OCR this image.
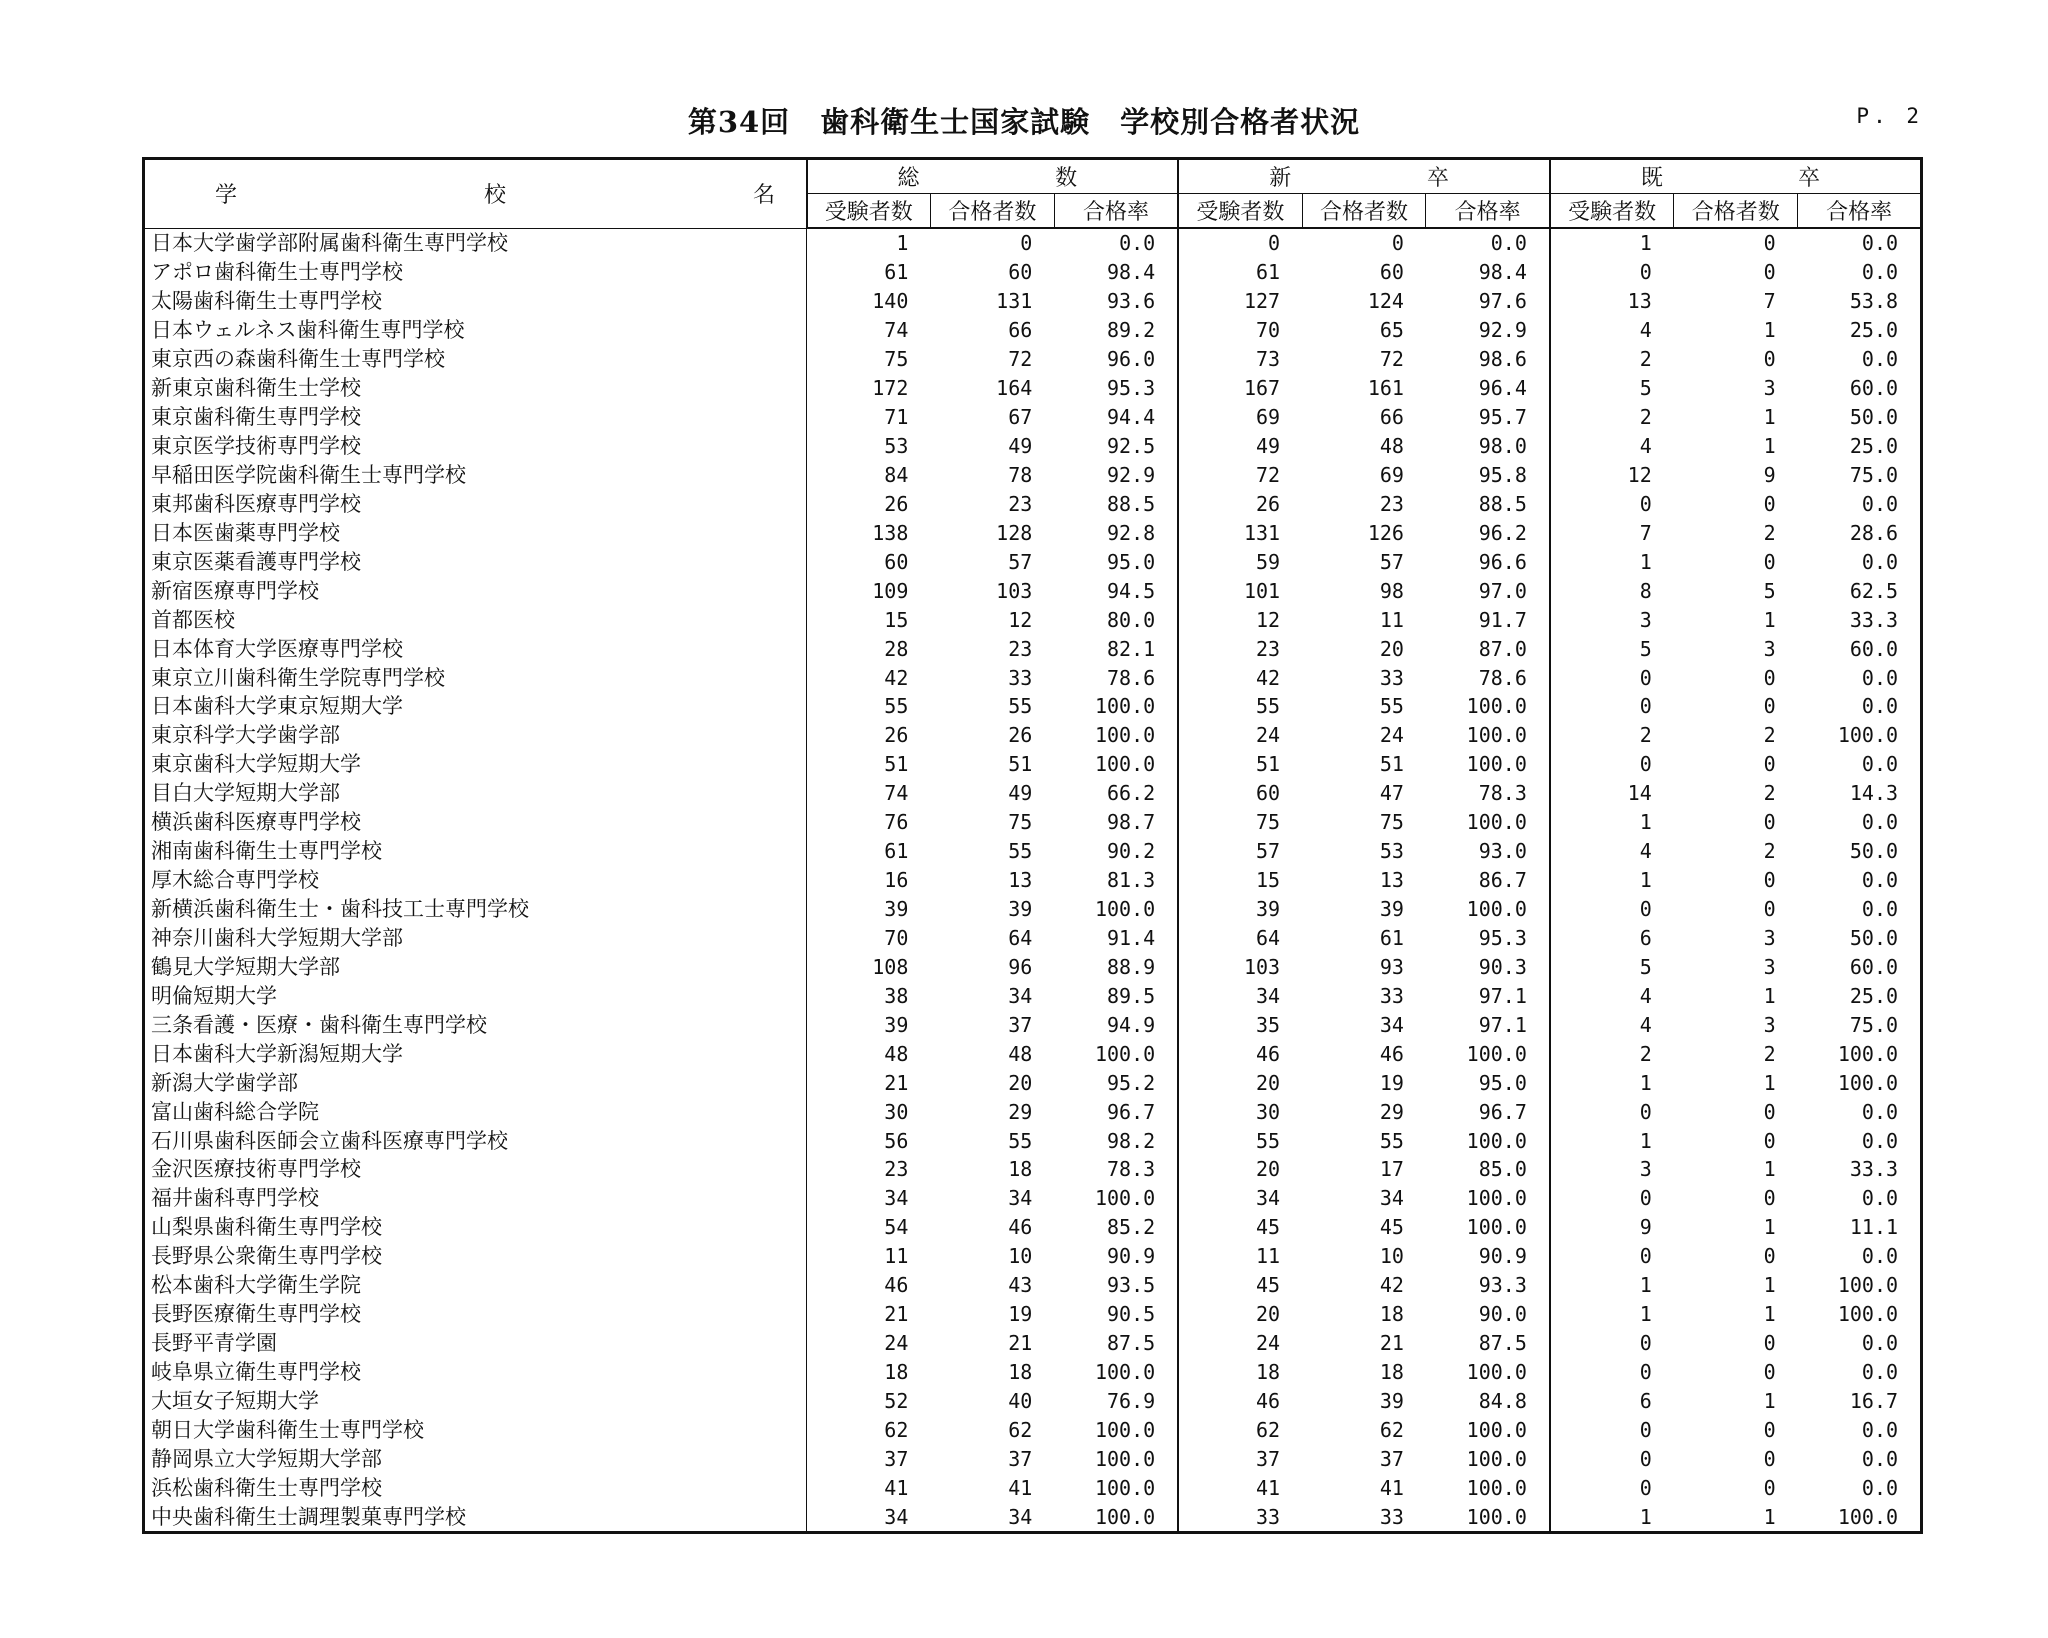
第34回　歯科衛生士国家試験　学校別合格者状況	P. 2
学 校 名	総 数			新 卒			既 卒		

	受験者数	合格者数	合格率	受験者数	合格者数	合格率	受験者数	合格者数	合格率
日本大学歯学部附属歯科衛生専門学校	1	0	0.0	0	0	0.0	1	0	0.0
アポロ歯科衛生士専門学校	61	60	98.4	61	60	98.4	0	0	0.0
太陽歯科衛生士専門学校	140	131	93.6	127	124	97.6	13	7	53.8
日本ウェルネス歯科衛生専門学校	74	66	89.2	70	65	92.9	4	1	25.0
東京西の森歯科衛生士専門学校	75	72	96.0	73	72	98.6	2	0	0.0
新東京歯科衛生士学校	172	164	95.3	167	161	96.4	5	3	60.0
東京歯科衛生専門学校	71	67	94.4	69	66	95.7	2	1	50.0
東京医学技術専門学校	53	49	92.5	49	48	98.0	4	1	25.0
早稲田医学院歯科衛生士専門学校	84	78	92.9	72	69	95.8	12	9	75.0
東邦歯科医療専門学校	26	23	88.5	26	23	88.5	0	0	0.0
日本医歯薬専門学校	138	128	92.8	131	126	96.2	7	2	28.6
東京医薬看護専門学校	60	57	95.0	59	57	96.6	1	0	0.0
新宿医療専門学校	109	103	94.5	101	98	97.0	8	5	62.5
首都医校	15	12	80.0	12	11	91.7	3	1	33.3
日本体育大学医療専門学校	28	23	82.1	23	20	87.0	5	3	60.0
東京立川歯科衛生学院専門学校	42	33	78.6	42	33	78.6	0	0	0.0
日本歯科大学東京短期大学	55	55	100.0	55	55	100.0	0	0	0.0
東京科学大学歯学部	26	26	100.0	24	24	100.0	2	2	100.0
東京歯科大学短期大学	51	51	100.0	51	51	100.0	0	0	0.0
目白大学短期大学部	74	49	66.2	60	47	78.3	14	2	14.3
横浜歯科医療専門学校	76	75	98.7	75	75	100.0	1	0	0.0
湘南歯科衛生士専門学校	61	55	90.2	57	53	93.0	4	2	50.0
厚木総合専門学校	16	13	81.3	15	13	86.7	1	0	0.0
新横浜歯科衛生士・歯科技工士専門学校	39	39	100.0	39	39	100.0	0	0	0.0
神奈川歯科大学短期大学部	70	64	91.4	64	61	95.3	6	3	50.0
鶴見大学短期大学部	108	96	88.9	103	93	90.3	5	3	60.0
明倫短期大学	38	34	89.5	34	33	97.1	4	1	25.0
三条看護・医療・歯科衛生専門学校	39	37	94.9	35	34	97.1	4	3	75.0
日本歯科大学新潟短期大学	48	48	100.0	46	46	100.0	2	2	100.0
新潟大学歯学部	21	20	95.2	20	19	95.0	1	1	100.0
富山歯科総合学院	30	29	96.7	30	29	96.7	0	0	0.0
石川県歯科医師会立歯科医療専門学校	56	55	98.2	55	55	100.0	1	0	0.0
金沢医療技術専門学校	23	18	78.3	20	17	85.0	3	1	33.3
福井歯科専門学校	34	34	100.0	34	34	100.0	0	0	0.0
山梨県歯科衛生専門学校	54	46	85.2	45	45	100.0	9	1	11.1
長野県公衆衛生専門学校	11	10	90.9	11	10	90.9	0	0	0.0
松本歯科大学衛生学院	46	43	93.5	45	42	93.3	1	1	100.0
長野医療衛生専門学校	21	19	90.5	20	18	90.0	1	1	100.0
長野平青学園	24	21	87.5	24	21	87.5	0	0	0.0
岐阜県立衛生専門学校	18	18	100.0	18	18	100.0	0	0	0.0
大垣女子短期大学	52	40	76.9	46	39	84.8	6	1	16.7
朝日大学歯科衛生士専門学校	62	62	100.0	62	62	100.0	0	0	0.0
静岡県立大学短期大学部	37	37	100.0	37	37	100.0	0	0	0.0
浜松歯科衛生士専門学校	41	41	100.0	41	41	100.0	0	0	0.0
中央歯科衛生士調理製菓専門学校	34	34	100.0	33	33	100.0	1	1	100.0
